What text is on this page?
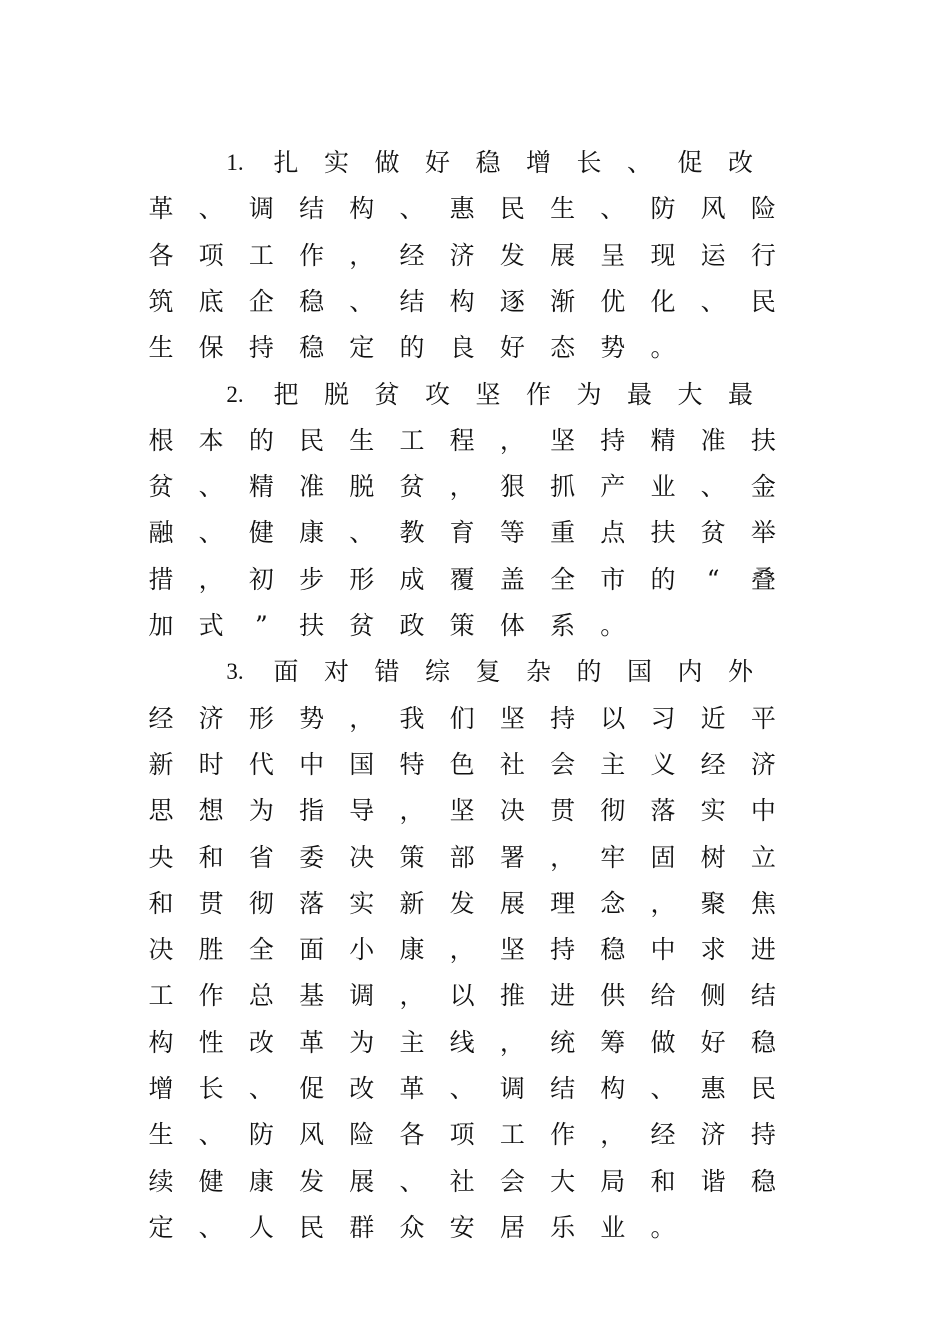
1.	扎	实	做	好	稳	增	长	、	促	改
革	、	调	结	构	、	惠	民	生	、	防	风	险
各	项	工	作	，	经	济	发	展	呈	现	运	行
筑	底	企	稳	、	结	构	逐	渐	优	化	、	民
生	保	持	稳	定	的	良	好	态	势	。
2.	把	脱	贫	攻	坚	作	为	最	大	最
根	本	的	民	生	工	程	，	坚	持	精	准	扶
贫	、	精	准	脱	贫	，	狠	抓	产	业	、	金
融	、	健	康	、	教	育	等	重	点	扶	贫	举
措	，	初	步	形	成	覆	盖	全	市	的	“	叠
加	式	”	扶	贫	政	策	体	系	。
3.	面	对	错	综	复	杂	的	国	内	外
经	济	形	势	，	我	们	坚	持	以	习	近	平
新	时	代	中	国	特	色	社	会	主	义	经	济
思	想	为	指	导	，	坚	决	贯	彻	落	实	中
央	和	省	委	决	策	部	署	，	牢	固	树	立
和	贯	彻	落	实	新	发	展	理	念	，	聚	焦
决	胜	全	面	小	康	，	坚	持	稳	中	求	进
工	作	总	基	调	，	以	推	进	供	给	侧	结
构	性	改	革	为	主	线	，	统	筹	做	好	稳
增	长	、	促	改	革	、	调	结	构	、	惠	民
生	、	防	风	险	各	项	工	作	，	经	济	持
续	健	康	发	展	、	社	会	大	局	和	谐	稳
定	、	人	民	群	众	安	居	乐	业	。
